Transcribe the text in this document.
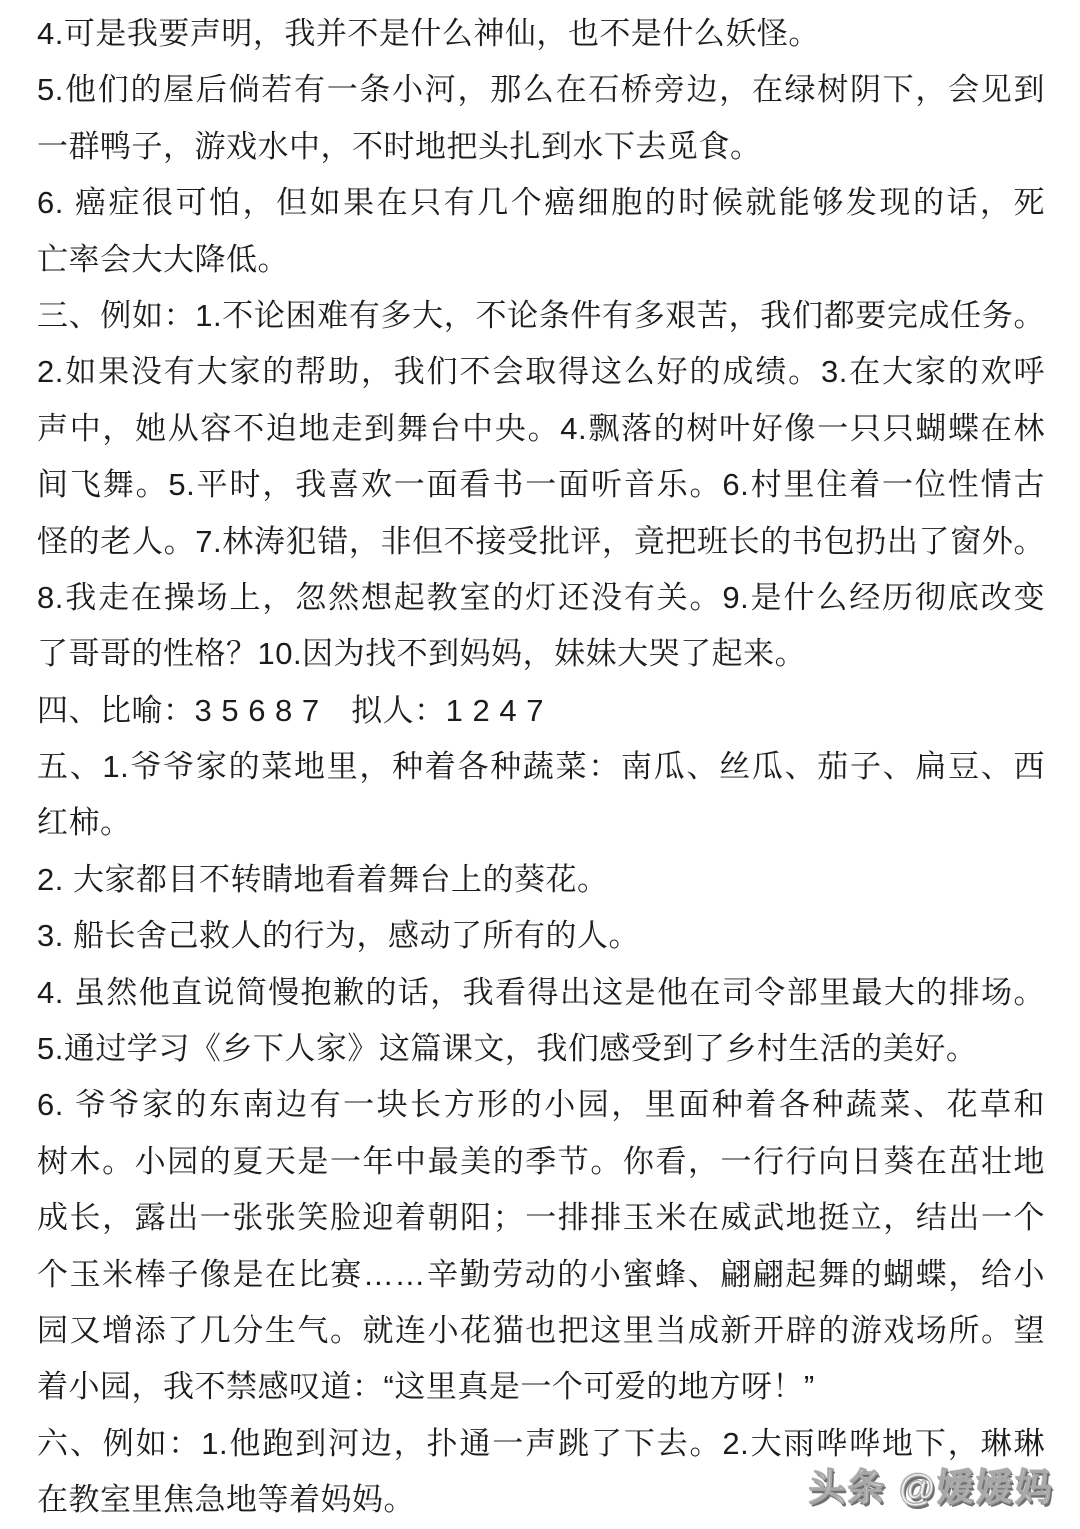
4.可是我要声明，我并不是什么神仙，也不是什么妖怪。
5.他们的屋后倘若有一条小河，那么在石桥旁边，在绿树阴下，会见到
一群鸭子，游戏水中，不时地把头扎到水下去觅食。
6. 癌症很可怕，但如果在只有几个癌细胞的时候就能够发现的话，死
亡率会大大降低。
三、例如：1.不论困难有多大，不论条件有多艰苦，我们都要完成任务。
2.如果没有大家的帮助，我们不会取得这么好的成绩。3.在大家的欢呼
声中，她从容不迫地走到舞台中央。4.飘落的树叶好像一只只蝴蝶在林
间飞舞。5.平时，我喜欢一面看书一面听音乐。6.村里住着一位性情古
怪的老人。7.林涛犯错，非但不接受批评，竟把班长的书包扔出了窗外。
8.我走在操场上，忽然想起教室的灯还没有关。9.是什么经历彻底改变
了哥哥的性格？10.因为找不到妈妈，妹妹大哭了起来。
四、比喻：3 5 6 8 7　拟人：1 2 4 7
五、1.爷爷家的菜地里，种着各种蔬菜：南瓜、丝瓜、茄子、扁豆、西
红柿。
2. 大家都目不转睛地看着舞台上的葵花。
3. 船长舍己救人的行为，感动了所有的人。
4. 虽然他直说简慢抱歉的话，我看得出这是他在司令部里最大的排场。
5.通过学习《乡下人家》这篇课文，我们感受到了乡村生活的美好。
6. 爷爷家的东南边有一块长方形的小园，里面种着各种蔬菜、花草和
树木。小园的夏天是一年中最美的季节。你看，一行行向日葵在茁壮地
成长，露出一张张笑脸迎着朝阳；一排排玉米在威武地挺立，结出一个
个玉米棒子像是在比赛……辛勤劳动的小蜜蜂、翩翩起舞的蝴蝶，给小
园又增添了几分生气。就连小花猫也把这里当成新开辟的游戏场所。望
着小园，我不禁感叹道：“这里真是一个可爱的地方呀！”
六、例如：1.他跑到河边，扑通一声跳了下去。2.大雨哗哗地下，琳琳
在教室里焦急地等着妈妈。	头条 @嫒嫒妈
